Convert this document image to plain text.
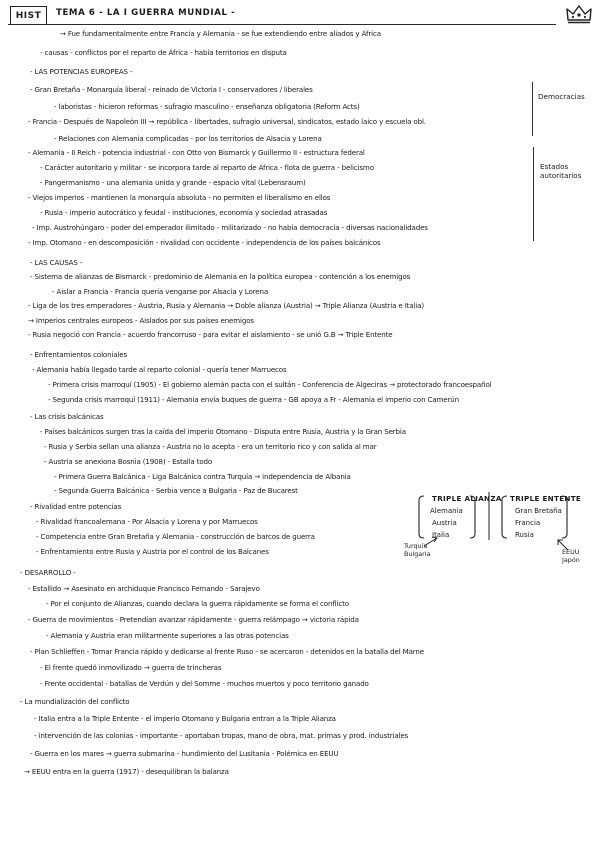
HIST	TEMA 6 - LA I GUERRA MUNDIAL -
→ Fue fundamentalmente entre Francia y Alemania - se fue extendiendo entre aliados y África
- causas - conflictos por el reparto de África - había territorios en disputa
- LAS POTENCIAS EUROPEAS -
- Gran Bretaña - Monarquía liberal - reinado de Victoria I - conservadores / liberales
- laboristas - hicieron reformas - sufragio masculino - enseñanza obligatoria (Reform Acts)
- Francia - Después de Napoleón III → república - libertades, sufragio universal, sindicatos, estado laico y escuela obl.
- Relaciones con Alemania complicadas - por los territorios de Alsacia y Lorena
- Alemania - II Reich - potencia industrial - con Otto von Bismarck y Guillermo II - estructura federal
- Carácter autoritario y militar - se incorpora tarde al reparto de África - flota de guerra - belicismo
- Pangermanismo - una alemania unida y grande - espacio vital (Lebensraum)
- Viejos imperios - mantienen la monarquía absoluta - no permiten el liberalismo en ellos
- Rusia - imperio autocrático y feudal - instituciones, economía y sociedad atrasadas
- Imp. Austrohúngaro - poder del emperador ilimitado - militarizado - no había democracia - diversas nacionalidades
- Imp. Otomano - en descomposición - rivalidad con occidente - independencia de los países balcánicos
- LAS CAUSAS -
- Sistema de alianzas de Bismarck - predominio de Alemania en la política europea - contención a los enemigos
- Aislar a Francia - Francia quería vengarse por Alsacia y Lorena
- Liga de los tres emperadores - Austria, Rusia y Alemania → Doble alianza (Austria) → Triple Alianza (Austria e Italia)
→ Imperios centrales europeos - Aislados por sus países enemigos
- Rusia negoció con Francia - acuerdo francorruso - para evitar el aislamiento - se unió G.B → Triple Entente
- Enfrentamientos coloniales
- Alemania había llegado tarde al reparto colonial - quería tener Marruecos
- Primera crisis marroquí (1905) - El gobierno alemán pacta con el sultán - Conferencia de Algeciras → protectorado francoespañol
- Segunda crisis marroquí (1911) - Alemania envía buques de guerra - GB apoya a Fr - Alemania el imperio con Camerún
- Las crisis balcánicas
- Países balcánicos surgen tras la caída del imperio Otomano - Disputa entre Rusia, Austria y la Gran Serbia
- Rusia y Serbia sellan una alianza - Austria no lo acepta - era un territorio rico y con salida al mar
- Austria se anexiona Bosnia (1908) - Estalla todo
- Primera Guerra Balcánica - Liga Balcánica contra Turquía → independencia de Albania
- Segunda Guerra Balcánica - Serbia vence a Bulgaria - Paz de Bucarest
- Rivalidad entre potencias
- Rivalidad francoalemana - Por Alsacia y Lorena y por Marruecos
- Competencia entre Gran Bretaña y Alemania - construcción de barcos de guerra
- Enfrentamiento entre Rusia y Austria por el control de los Balcanes
- DESARROLLO -
- Estallido → Asesinato en archiduque Francisco Fernando - Sarajevo
- Por el conjunto de Alianzas, cuando declara la guerra rápidamente se forma el conflicto
- Guerra de movimientos - Pretendían avanzar rápidamente - guerra relámpago → victoria rápida
- Alemania y Austria eran militarmente superiores a las otras potencias
- Plan Schlieffen - Tomar Francia rápido y dedicarse al frente Ruso - se acercaron - detenidos en la batalla del Marne
- El frente quedó inmovilizado → guerra de trincheras
- Frente occidental - batallas de Verdún y del Somme - muchos muertos y poco territorio ganado
- La mundialización del conflicto
- Italia entra a la Triple Entente - el imperio Otomano y Bulgaria entran a la Triple Alianza
- intervención de las colonias - importante - aportaban tropas, mano de obra, mat. primas y prod. industriales
- Guerra en los mares → guerra submarina - hundimiento del Lusitania - Polémica en EEUU
→ EEUU entra en la guerra (1917) - desequilibran la balanza
Democracias
Estados autoritarios
TRIPLE ALIANZA
Alemania
Austria
Italia
Turquía Bulgaria
TRIPLE ENTENTE
Gran Bretaña
Francia
Rusia
EEUU Japón
